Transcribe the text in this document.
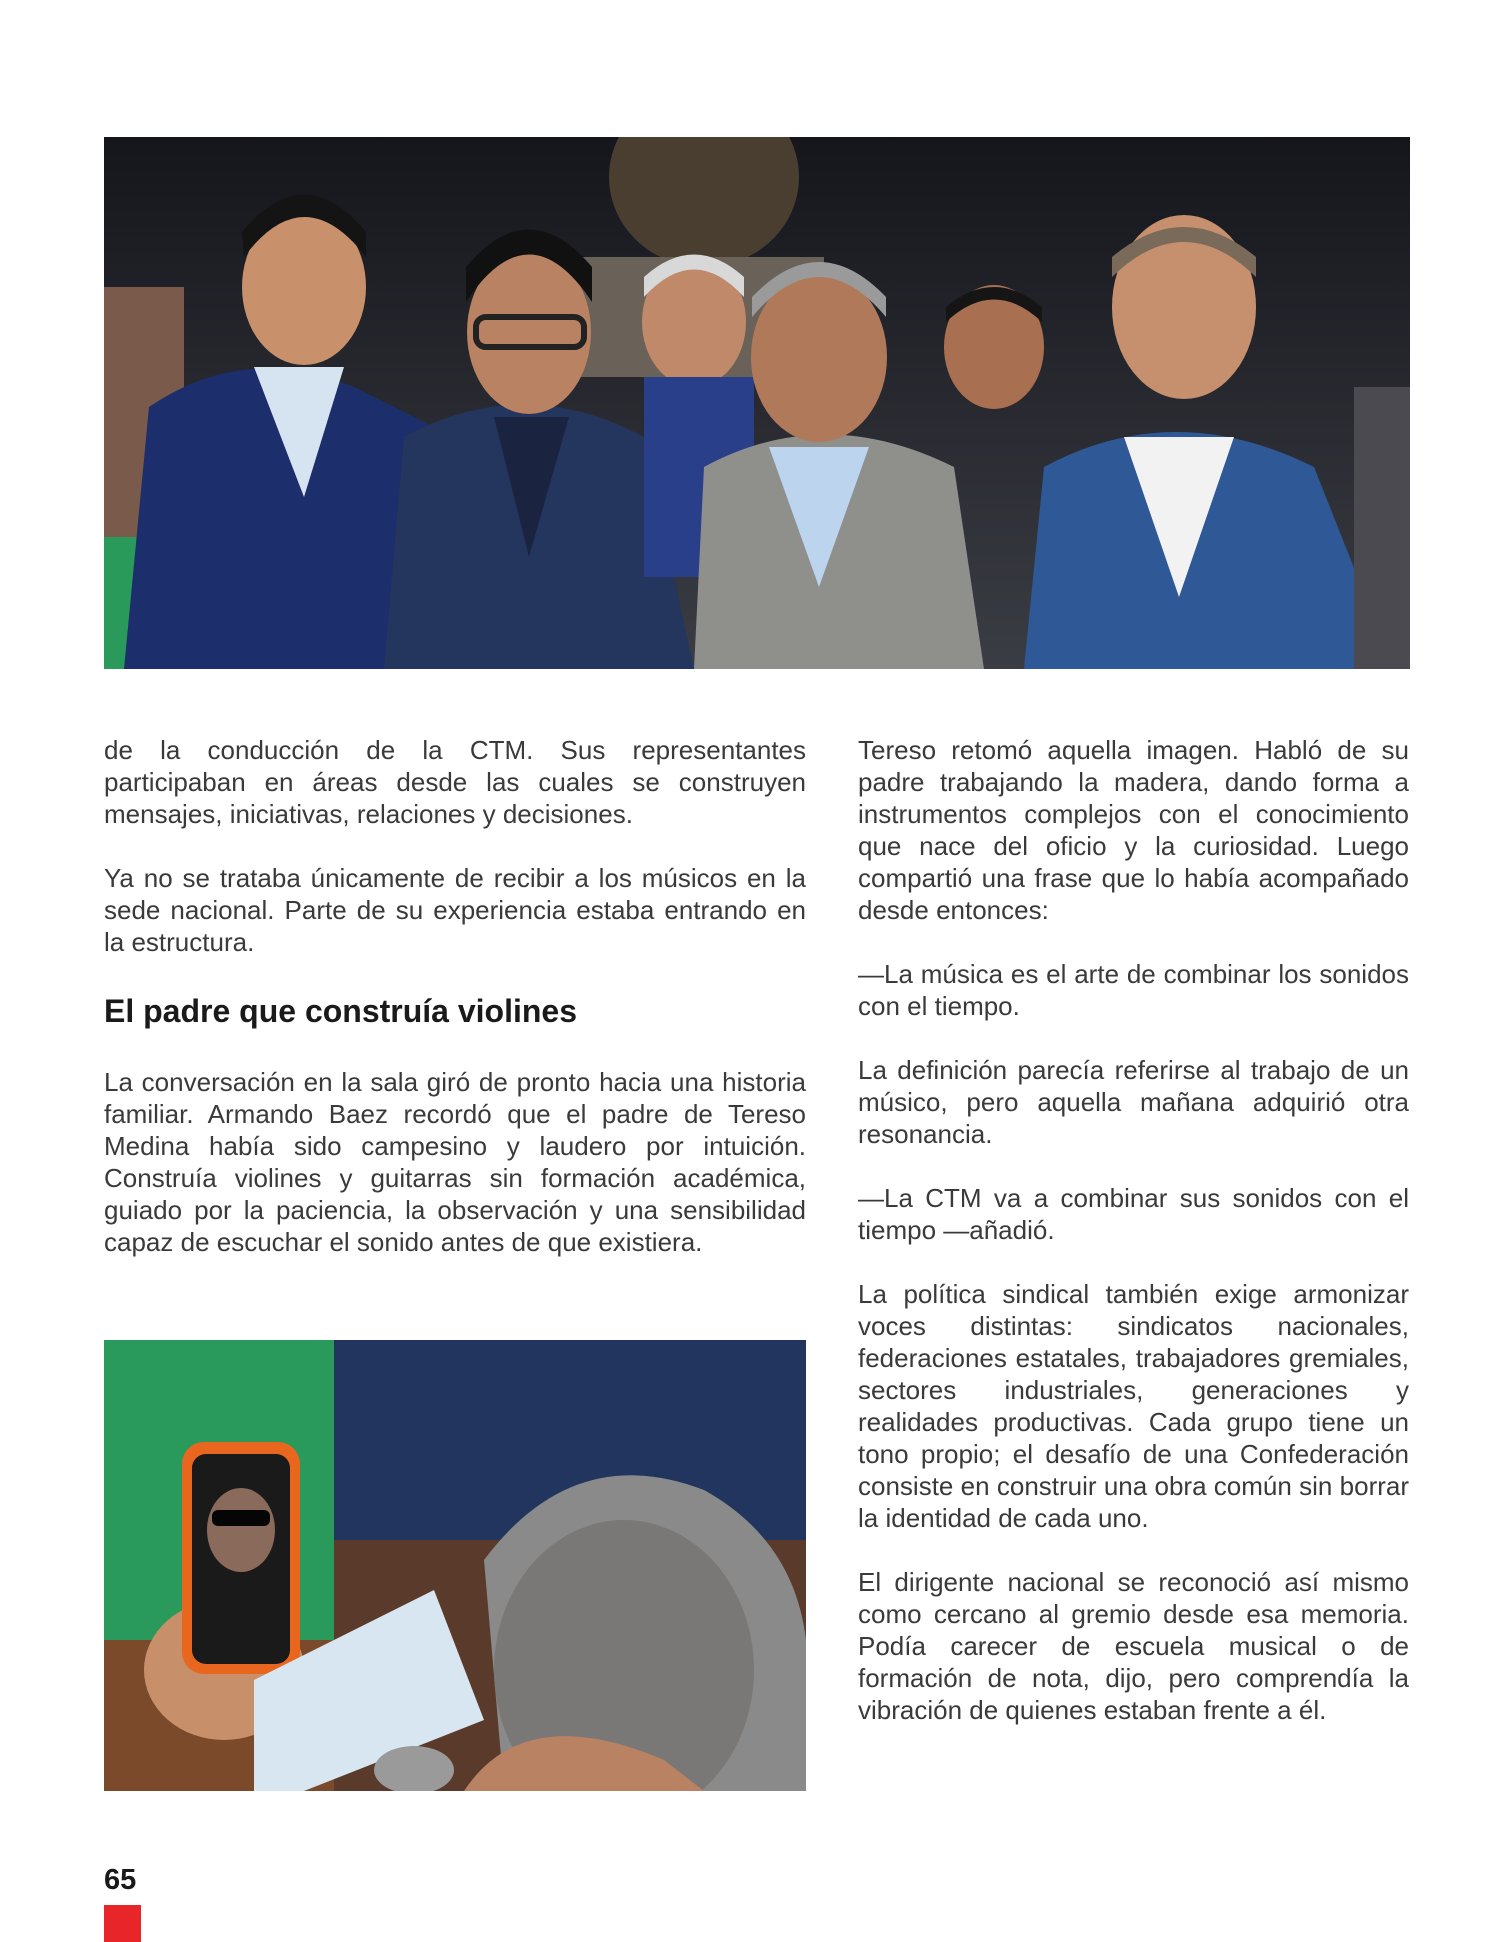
de la conducción de la CTM. Sus representantes participaban en áreas desde las cuales se construyen mensajes, iniciativas, relaciones y decisiones.

Ya no se trataba únicamente de recibir a los músicos en la sede nacional. Parte de su experiencia estaba entrando en la estructura.

El padre que construía violines

La conversación en la sala giró de pronto hacia una historia familiar. Armando Baez recordó que el padre de Tereso Medina había sido campesino y laudero por intuición. Construía violines y guitarras sin formación académica, guiado por la paciencia, la observación y una sensibilidad capaz de escuchar el sonido antes de que existiera.

Tereso retomó aquella imagen. Habló de su padre trabajando la madera, dando forma a instrumentos complejos con el conocimiento que nace del oficio y la curiosidad. Luego compartió una frase que lo había acompañado desde entonces:

—La música es el arte de combinar los sonidos con el tiempo.

La definición parecía referirse al trabajo de un músico, pero aquella mañana adquirió otra resonancia.

—La CTM va a combinar sus sonidos con el tiempo —añadió.

La política sindical también exige armonizar voces distintas: sindicatos nacionales, federaciones estatales, trabajadores gremiales, sectores industriales, generaciones y realidades productivas. Cada grupo tiene un tono propio; el desafío de una Confederación consiste en construir una obra común sin borrar la identidad de cada uno.

El dirigente nacional se reconoció así mismo como cercano al gremio desde esa memoria. Podía carecer de escuela musical o de formación de nota, dijo, pero comprendía la vibración de quienes estaban frente a él.

65
